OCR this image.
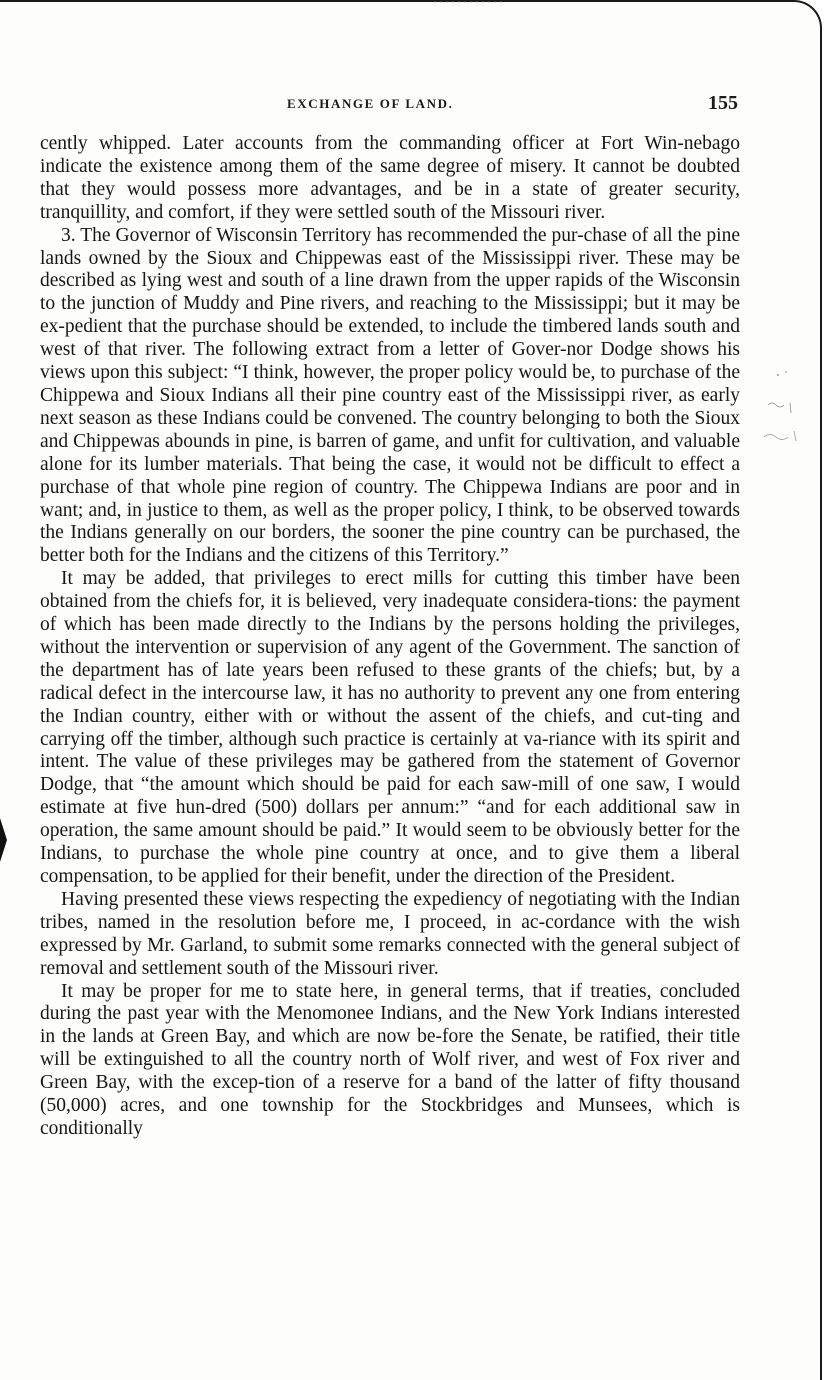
EXCHANGE OF LAND.	155

cently whipped. Later accounts from the commanding officer at Fort Win-nebago indicate the existence among them of the same degree of misery. It cannot be doubted that they would possess more advantages, and be in a state of greater security, tranquillity, and comfort, if they were settled south of the Missouri river.

3. The Governor of Wisconsin Territory has recommended the pur-chase of all the pine lands owned by the Sioux and Chippewas east of the Mississippi river. These may be described as lying west and south of a line drawn from the upper rapids of the Wisconsin to the junction of Muddy and Pine rivers, and reaching to the Mississippi; but it may be ex-pedient that the purchase should be extended, to include the timbered lands south and west of that river. The following extract from a letter of Gover-nor Dodge shows his views upon this subject: “I think, however, the proper policy would be, to purchase of the Chippewa and Sioux Indians all their pine country east of the Mississippi river, as early next season as these Indians could be convened. The country belonging to both the Sioux and Chippewas abounds in pine, is barren of game, and unfit for cultivation, and valuable alone for its lumber materials. That being the case, it would not be difficult to effect a purchase of that whole pine region of country. The Chippewa Indians are poor and in want; and, in justice to them, as well as the proper policy, I think, to be observed towards the Indians generally on our borders, the sooner the pine country can be purchased, the better both for the Indians and the citizens of this Territory.”

It may be added, that privileges to erect mills for cutting this timber have been obtained from the chiefs for, it is believed, very inadequate considera-tions: the payment of which has been made directly to the Indians by the persons holding the privileges, without the intervention or supervision of any agent of the Government. The sanction of the department has of late years been refused to these grants of the chiefs; but, by a radical defect in the intercourse law, it has no authority to prevent any one from entering the Indian country, either with or without the assent of the chiefs, and cut-ting and carrying off the timber, although such practice is certainly at va-riance with its spirit and intent. The value of these privileges may be gathered from the statement of Governor Dodge, that “the amount which should be paid for each saw-mill of one saw, I would estimate at five hun-dred (500) dollars per annum:” “and for each additional saw in operation, the same amount should be paid.” It would seem to be obviously better for the Indians, to purchase the whole pine country at once, and to give them a liberal compensation, to be applied for their benefit, under the direction of the President.

Having presented these views respecting the expediency of negotiating with the Indian tribes, named in the resolution before me, I proceed, in ac-cordance with the wish expressed by Mr. Garland, to submit some remarks connected with the general subject of removal and settlement south of the Missouri river.

It may be proper for me to state here, in general terms, that if treaties, concluded during the past year with the Menomonee Indians, and the New York Indians interested in the lands at Green Bay, and which are now be-fore the Senate, be ratified, their title will be extinguished to all the country north of Wolf river, and west of Fox river and Green Bay, with the excep-tion of a reserve for a band of the latter of fifty thousand (50,000) acres, and one township for the Stockbridges and Munsees, which is conditionally
